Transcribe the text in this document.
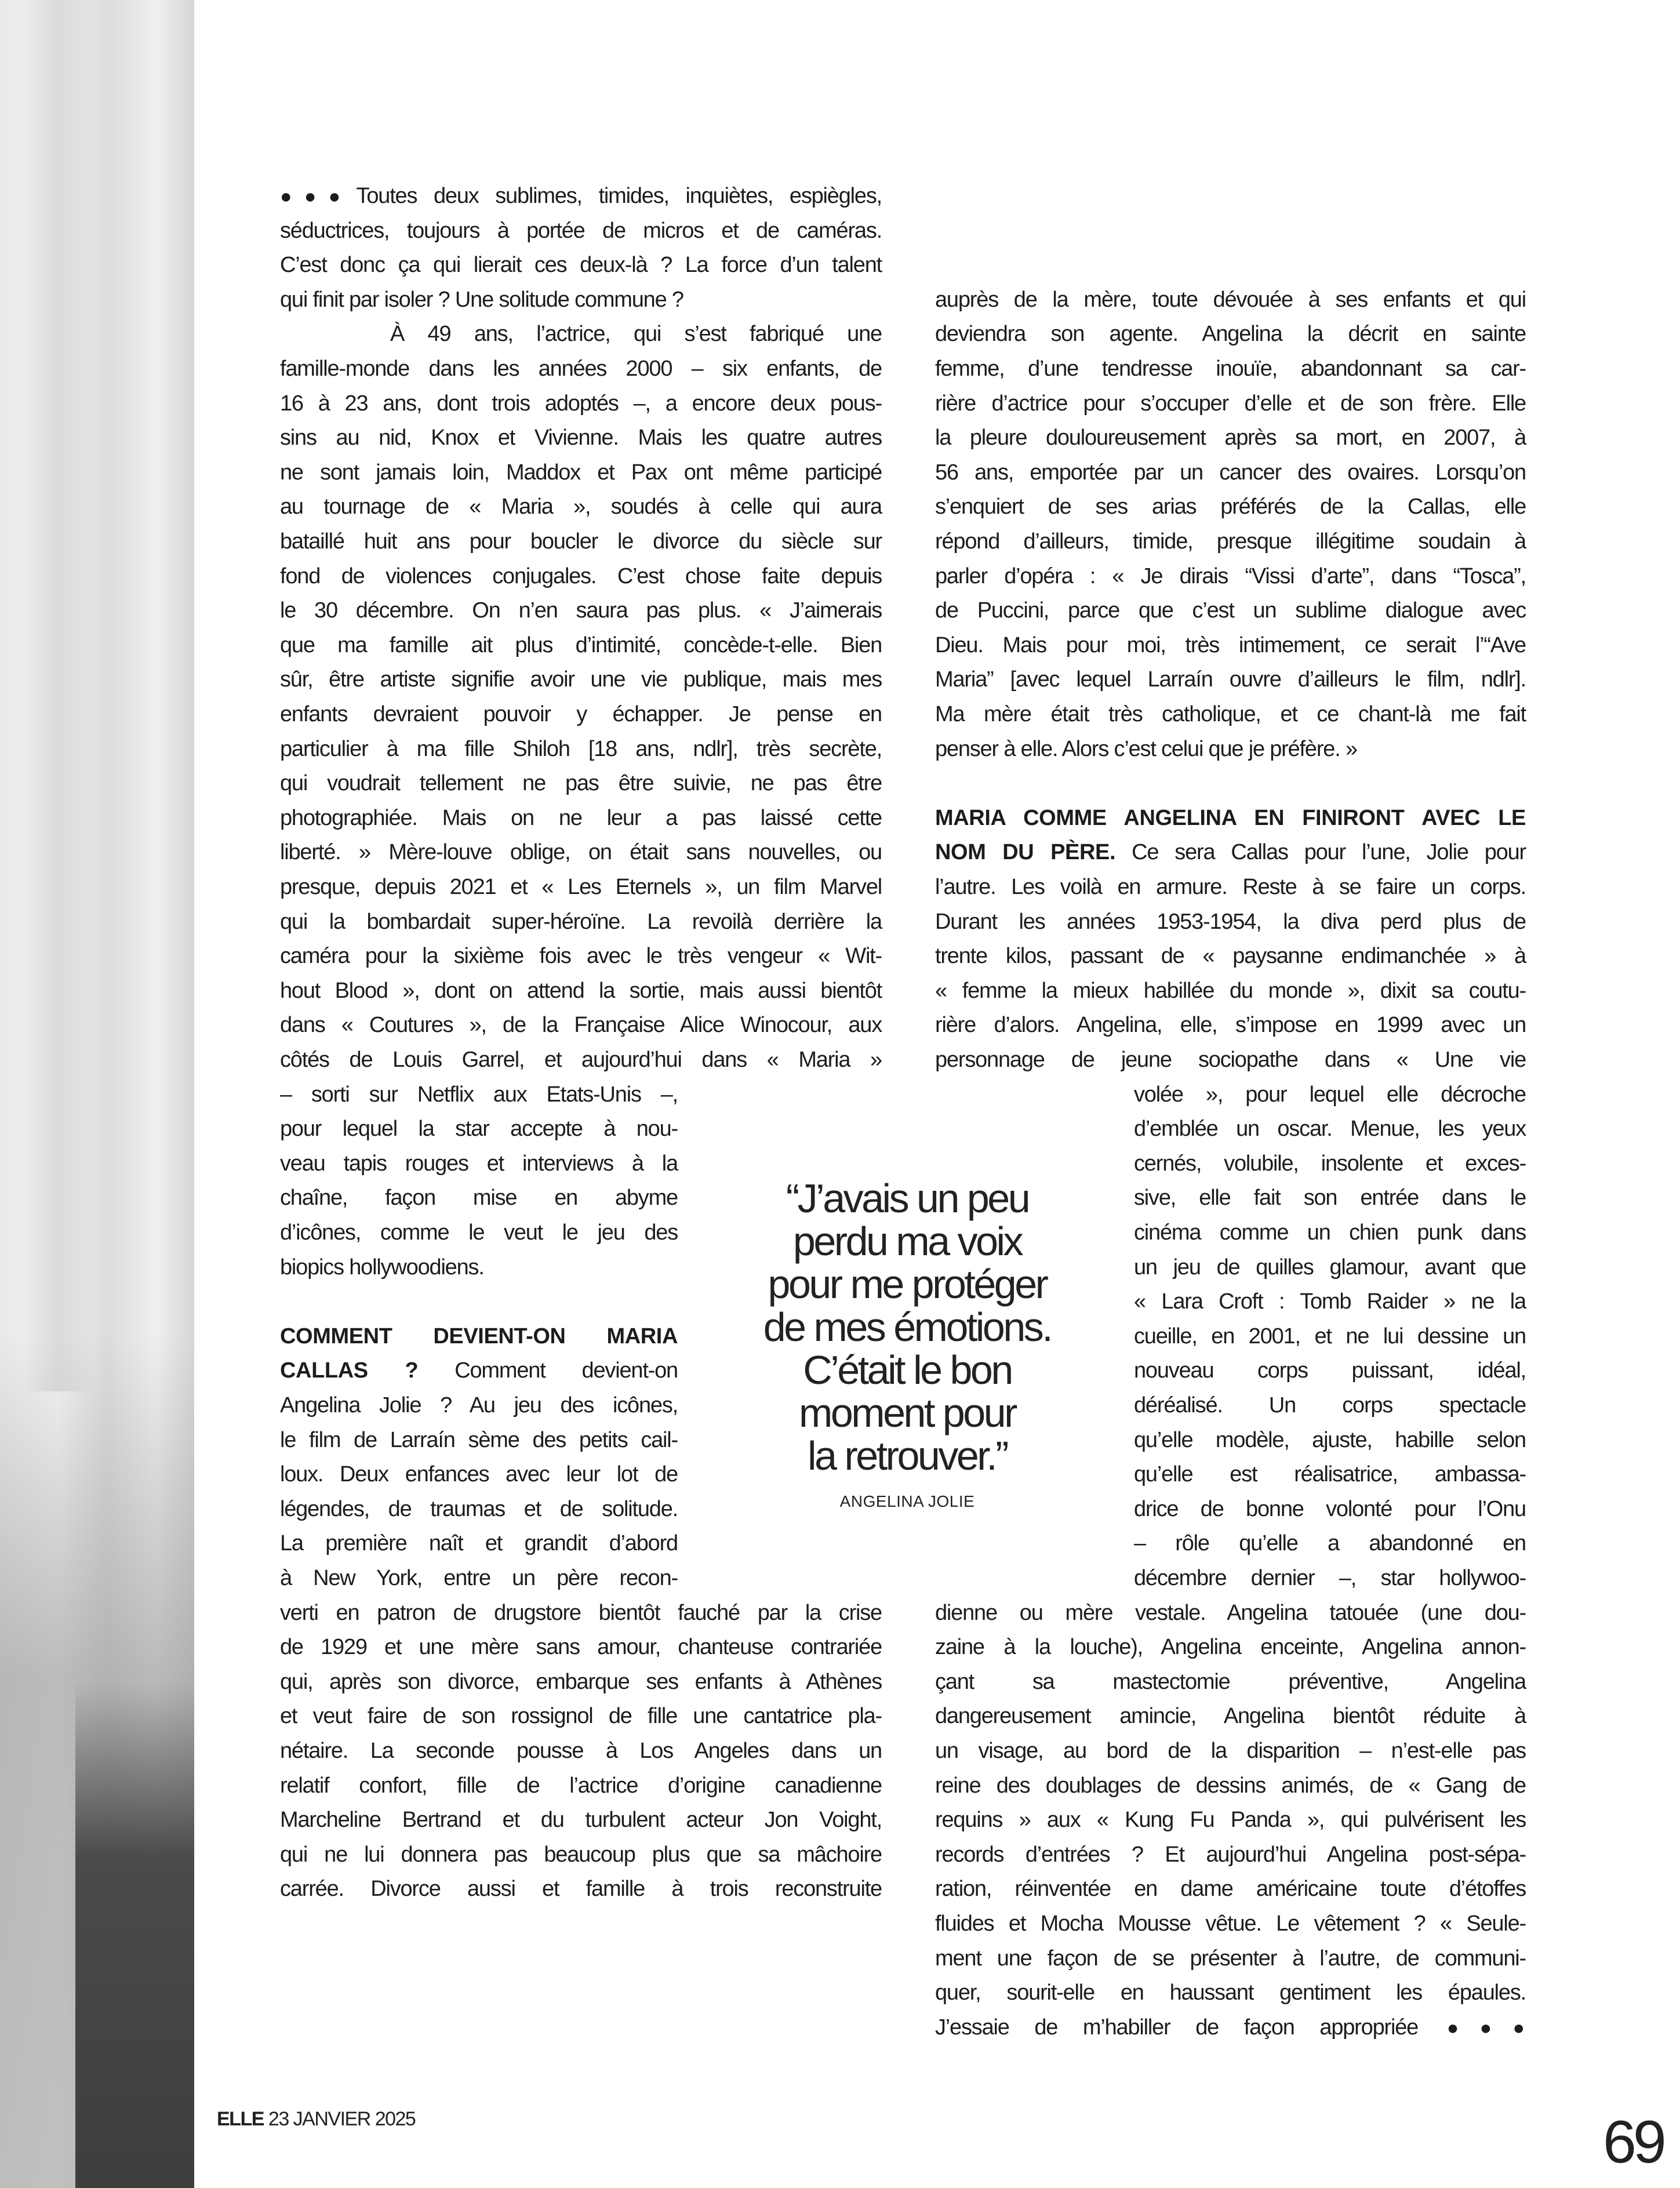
●●● Toutes deux sublimes, timides, inquiètes, espiègles,
séductrices, toujours à portée de micros et de caméras.
C’est donc ça qui lierait ces deux-là ? La force d’un talent
qui finit par isoler ? Une solitude commune ?
À 49 ans, l’actrice, qui s’est fabriqué une
famille-monde dans les années 2000 – six enfants, de
16 à 23 ans, dont trois adoptés –, a encore deux pous-
sins au nid, Knox et Vivienne. Mais les quatre autres
ne sont jamais loin, Maddox et Pax ont même participé
au tournage de « Maria », soudés à celle qui aura
bataillé huit ans pour boucler le divorce du siècle sur
fond de violences conjugales. C’est chose faite depuis
le 30 décembre. On n’en saura pas plus. « J’aimerais
que ma famille ait plus d’intimité, concède-t-elle. Bien
sûr, être artiste signifie avoir une vie publique, mais mes
enfants devraient pouvoir y échapper. Je pense en
particulier à ma fille Shiloh [18 ans, ndlr], très secrète,
qui voudrait tellement ne pas être suivie, ne pas être
photographiée. Mais on ne leur a pas laissé cette
liberté. » Mère-louve oblige, on était sans nouvelles, ou
presque, depuis 2021 et « Les Eternels », un film Marvel
qui la bombardait super-héroïne. La revoilà derrière la
caméra pour la sixième fois avec le très vengeur « Wit-
hout Blood », dont on attend la sortie, mais aussi bientôt
dans « Coutures », de la Française Alice Winocour, aux
côtés de Louis Garrel, et aujourd’hui dans « Maria »
– sorti sur Netflix aux Etats-Unis –,
pour lequel la star accepte à nou-
veau tapis rouges et interviews à la
chaîne, façon mise en abyme
d’icônes, comme le veut le jeu des
biopics hollywoodiens.
COMMENT DEVIENT-ON MARIA
CALLAS ? Comment devient-on
Angelina Jolie ? Au jeu des icônes,
le film de Larraín sème des petits cail-
loux. Deux enfances avec leur lot de
légendes, de traumas et de solitude.
La première naît et grandit d’abord
à New York, entre un père recon-
verti en patron de drugstore bientôt fauché par la crise
de 1929 et une mère sans amour, chanteuse contrariée
qui, après son divorce, embarque ses enfants à Athènes
et veut faire de son rossignol de fille une cantatrice pla-
nétaire. La seconde pousse à Los Angeles dans un
relatif confort, fille de l’actrice d’origine canadienne
Marcheline Bertrand et du turbulent acteur Jon Voight,
qui ne lui donnera pas beaucoup plus que sa mâchoire
carrée. Divorce aussi et famille à trois reconstruite
auprès de la mère, toute dévouée à ses enfants et qui
deviendra son agente. Angelina la décrit en sainte
femme, d’une tendresse inouïe, abandonnant sa car-
rière d’actrice pour s’occuper d’elle et de son frère. Elle
la pleure douloureusement après sa mort, en 2007, à
56 ans, emportée par un cancer des ovaires. Lorsqu’on
s’enquiert de ses arias préférés de la Callas, elle
répond d’ailleurs, timide, presque illégitime soudain à
parler d’opéra : « Je dirais “Vissi d’arte”, dans “Tosca”,
de Puccini, parce que c’est un sublime dialogue avec
Dieu. Mais pour moi, très intimement, ce serait l’“Ave
Maria” [avec lequel Larraín ouvre d’ailleurs le film, ndlr].
Ma mère était très catholique, et ce chant-là me fait
penser à elle. Alors c’est celui que je préfère. »
MARIA COMME ANGELINA EN FINIRONT AVEC LE
NOM DU PÈRE. Ce sera Callas pour l’une, Jolie pour
l’autre. Les voilà en armure. Reste à se faire un corps.
Durant les années 1953-1954, la diva perd plus de
trente kilos, passant de « paysanne endimanchée » à
« femme la mieux habillée du monde », dixit sa coutu-
rière d’alors. Angelina, elle, s’impose en 1999 avec un
personnage de jeune sociopathe dans « Une vie
volée », pour lequel elle décroche
d’emblée un oscar. Menue, les yeux
cernés, volubile, insolente et exces-
sive, elle fait son entrée dans le
cinéma comme un chien punk dans
un jeu de quilles glamour, avant que
« Lara Croft : Tomb Raider » ne la
cueille, en 2001, et ne lui dessine un
nouveau corps puissant, idéal,
déréalisé. Un corps spectacle
qu’elle modèle, ajuste, habille selon
qu’elle est réalisatrice, ambassa-
drice de bonne volonté pour l’Onu
– rôle qu’elle a abandonné en
décembre dernier –, star hollywoo-
dienne ou mère vestale. Angelina tatouée (une dou-
zaine à la louche), Angelina enceinte, Angelina annon-
çant sa mastectomie préventive, Angelina
dangereusement amincie, Angelina bientôt réduite à
un visage, au bord de la disparition – n’est-elle pas
reine des doublages de dessins animés, de « Gang de
requins » aux « Kung Fu Panda », qui pulvérisent les
records d’entrées ? Et aujourd’hui Angelina post-sépa-
ration, réinventée en dame américaine toute d’étoffes
fluides et Mocha Mousse vêtue. Le vêtement ? « Seule-
ment une façon de se présenter à l’autre, de communi-
quer, sourit-elle en haussant gentiment les épaules.
J’essaie de m’habiller de façon appropriée ●●●
“J’avais un peu
perdu ma voix
pour me protéger
de mes émotions.
C’était le bon
moment pour
la retrouver.”
ANGELINA JOLIE
ELLE 23 JANVIER 2025	69
